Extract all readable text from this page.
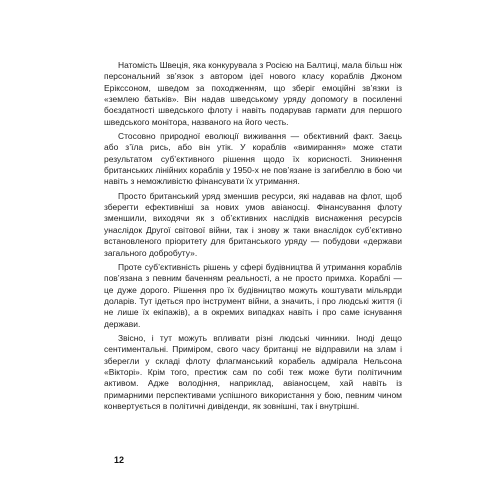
Натомість Швеція, яка конкурувала з Росією на Балтиці, мала більш ніж персональний зв’язок з автором ідеї нового класу кораблів Джоном Ерікссоном, шведом за походженням, що зберіг емоційні зв’язки із «землею батьків». Він надав шведському уряду допомогу в посиленні боєздатності шведського флоту і навіть подарував гармати для першого шведського монітора, названого на його честь.

Стосовно природної еволюції виживання — обєктивний факт. Заєць або з’їла рись, або він утік. У кораблів «вимирання» може стати результатом суб’єктивного рішення щодо їх корисності. Зникнення британських лінійних кораблів у 1950-х не пов’язане із загибеллю в бою чи навіть з неможливістю фінансувати їх утримання.

Просто британський уряд зменшив ресурси, які надавав на флот, щоб зберегти ефективніші за нових умов авіаносці. Фінансування флоту зменшили, виходячи як з об’єктивних наслідків виснаження ресурсів унаслідок Другої світової війни, так і знову ж таки внаслідок суб’єктивно встановленого пріоритету для британського уряду — побудови «держави загального добробуту».

Проте суб’єктивність рішень у сфері будівництва й утримання кораблів пов’язана з певним баченням реальності, а не просто примха. Кораблі — це дуже дорого. Рішення про їх будівництво можуть коштувати мільярди доларів. Тут ідеться про інструмент війни, а значить, і про людські життя (і не лише їх екіпажів), а в окремих випадках навіть і про саме існування держави.

Звісно, і тут можуть впливати різні людські чинники. Іноді дещо сентиментальні. Приміром, свого часу британці не відправили на злам і зберегли у складі флоту флагманський корабель адмірала Нельсона «Вікторі». Крім того, престиж сам по собі теж може бути політичним активом. Адже володіння, наприклад, авіаносцем, хай навіть із примарними перспективами успішного використання у бою, певним чином конвертується в політичні дивіденди, як зовнішні, так і внутрішні.

12
